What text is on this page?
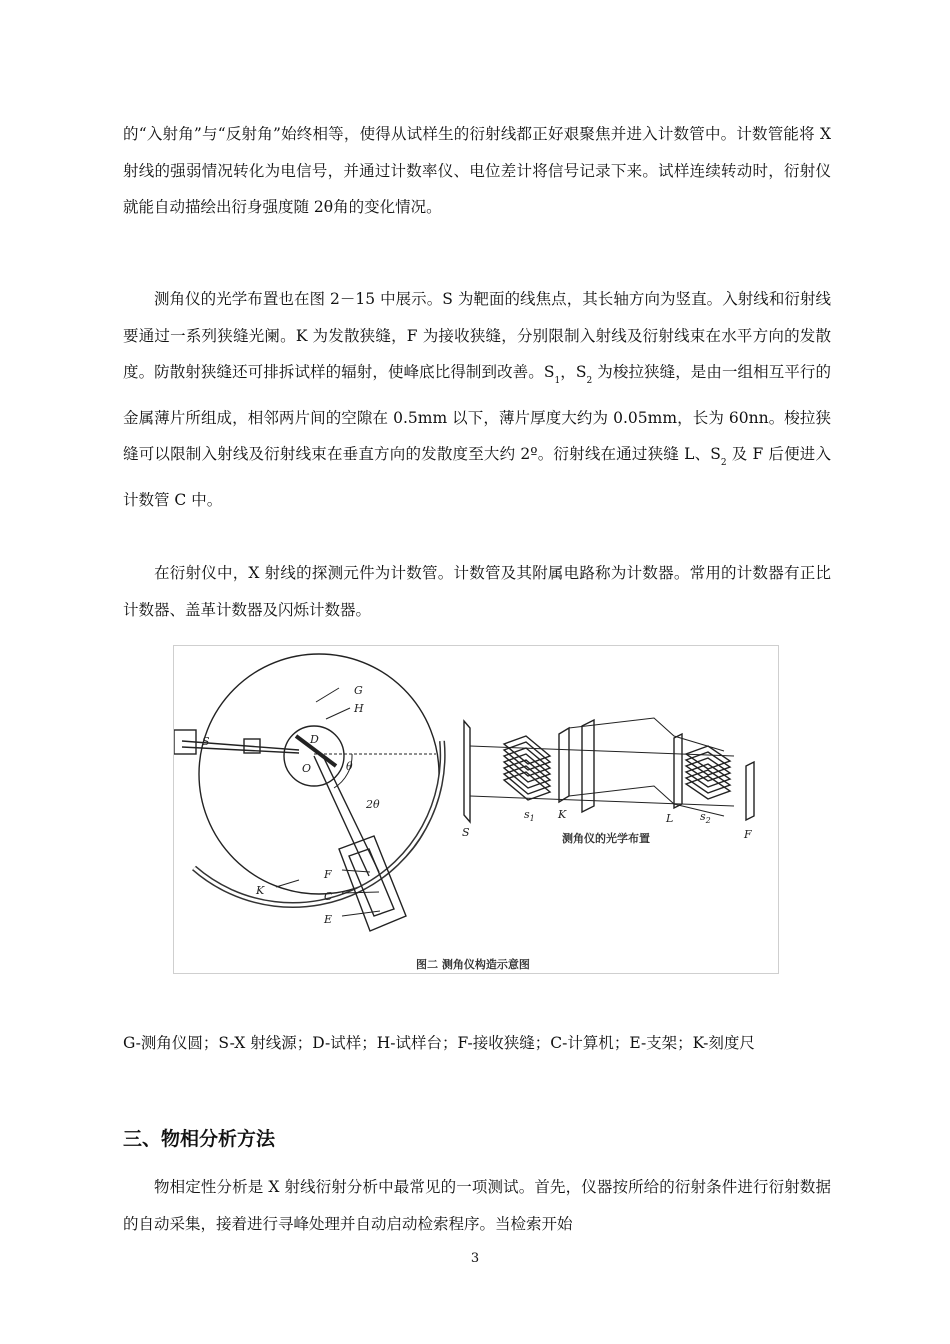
的“入射角”与“反射角”始终相等，使得从试样生的衍射线都正好艰聚焦并进入计数管中。计数管能将 X 射线的强弱情况转化为电信号，并通过计数率仪、电位差计将信号记录下来。试样连续转动时，衍射仪就能自动描绘出衍身强度随 2θ角的变化情况。

测角仪的光学布置也在图 2－15 中展示。S 为靶面的线焦点，其长轴方向为竖直。入射线和衍射线要通过一系列狭缝光阑。K 为发散狭缝，F 为接收狭缝，分别限制入射线及衍射线束在水平方向的发散度。防散射狭缝还可排拆试样的辐射，使峰底比得制到改善。$S_1$，$S_2$ 为梭拉狭缝，是由一组相互平行的金属薄片所组成，相邻两片间的空隙在 0.5mm 以下，薄片厚度大约为 0.05mm，长为 60nn。梭拉狭缝可以限制入射线及衍射线束在垂直方向的发散度至大约 2º。衍射线在通过狭缝 L、$S_2$ 及 F 后便进入计数管 C 中。

在衍射仪中，X 射线的探测元件为计数管。计数管及其附属电路称为计数器。常用的计数器有正比计数器、盖革计数器及闪烁计数器。

G
H
S	D
O	θ
2θ
F
C
E
K
S
$s_1$ K	L $s_2$
F
测角仪的光学布置
图二 测角仪构造示意图

G-测角仪圆；S-X 射线源；D-试样；H-试样台；F-接收狭缝；C-计算机；E-支架；K-刻度尺

三、物相分析方法

物相定性分析是 X 射线衍射分析中最常见的一项测试。首先，仪器按所给的衍射条件进行衍射数据的自动采集，接着进行寻峰处理并自动启动检索程序。当检索开始

3
